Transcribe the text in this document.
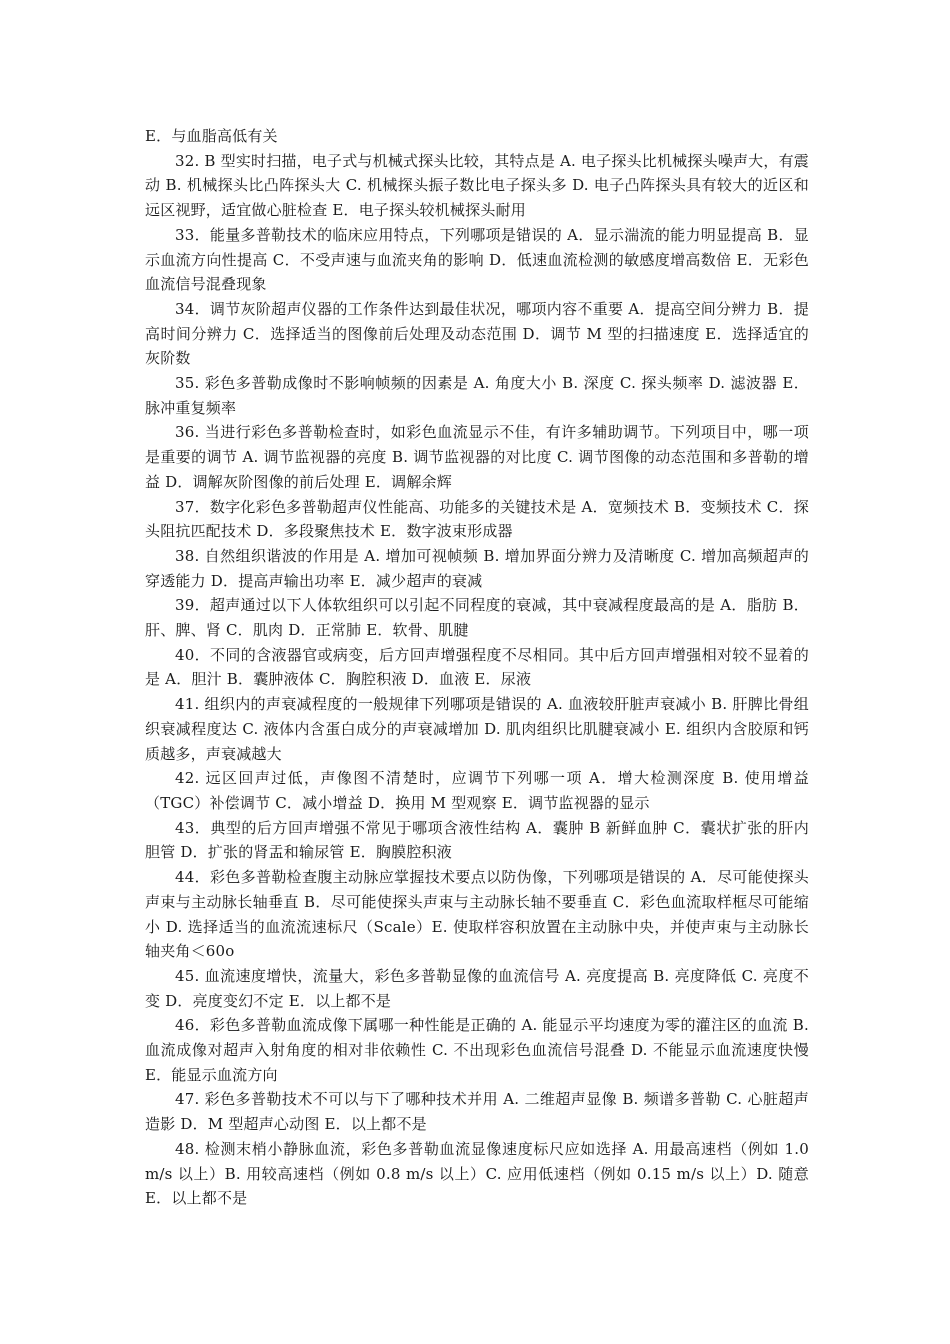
E．与血脂高低有关

32. B 型实时扫描，电子式与机械式探头比较，其特点是 A. 电子探头比机械探头噪声大，有震动 B. 机械探头比凸阵探头大 C. 机械探头振子数比电子探头多 D. 电子凸阵探头具有较大的近区和远区视野，适宜做心脏检查 E．电子探头较机械探头耐用

33．能量多普勒技术的临床应用特点，下列哪项是错误的 A．显示湍流的能力明显提高 B．显示血流方向性提高 C．不受声速与血流夹角的影响 D．低速血流检测的敏感度增高数倍 E．无彩色血流信号混叠现象

34．调节灰阶超声仪器的工作条件达到最佳状况，哪项内容不重要 A．提高空间分辨力 B．提高时间分辨力 C．选择适当的图像前后处理及动态范围 D．调节 M 型的扫描速度 E．选择适宜的灰阶数

35. 彩色多普勒成像时不影响帧频的因素是 A. 角度大小 B. 深度 C. 探头频率 D. 滤波器 E．脉冲重复频率

36. 当进行彩色多普勒检查时，如彩色血流显示不佳，有许多辅助调节。下列项目中，哪一项是重要的调节 A. 调节监视器的亮度 B. 调节监视器的对比度 C. 调节图像的动态范围和多普勒的增益 D．调解灰阶图像的前后处理 E．调解余辉

37．数字化彩色多普勒超声仪性能高、功能多的关键技术是 A．宽频技术 B．变频技术 C．探头阻抗匹配技术 D．多段聚焦技术 E．数字波束形成器

38. 自然组织谐波的作用是 A. 增加可视帧频 B. 增加界面分辨力及清晰度 C. 增加高频超声的穿透能力 D．提高声输出功率 E．减少超声的衰减

39．超声通过以下人体软组织可以引起不同程度的衰减，其中衰减程度最高的是 A．脂肪 B．肝、脾、肾 C．肌肉 D．正常肺 E．软骨、肌腱

40．不同的含液器官或病变，后方回声增强程度不尽相同。其中后方回声增强相对较不显着的是 A．胆汁 B．囊肿液体 C．胸腔积液 D．血液 E．尿液

41. 组织内的声衰减程度的一般规律下列哪项是错误的 A. 血液较肝脏声衰减小 B. 肝脾比骨组织衰减程度达 C. 液体内含蛋白成分的声衰减增加 D. 肌肉组织比肌腱衰减小 E. 组织内含胶原和钙质越多，声衰减越大

42. 远区回声过低，声像图不清楚时，应调节下列哪一项 A．增大检测深度 B. 使用增益（TGC）补偿调节 C．减小增益 D．换用 M 型观察 E．调节监视器的显示

43．典型的后方回声增强不常见于哪项含液性结构 A．囊肿 B 新鲜血肿 C．囊状扩张的肝内胆管 D．扩张的肾盂和输尿管 E．胸膜腔积液

44．彩色多普勒检查腹主动脉应掌握技术要点以防伪像，下列哪项是错误的 A．尽可能使探头声束与主动脉长轴垂直 B．尽可能使探头声束与主动脉长轴不要垂直 C．彩色血流取样框尽可能缩小 D. 选择适当的血流流速标尺（Scale）E. 使取样容积放置在主动脉中央，并使声束与主动脉长轴夹角＜60o

45. 血流速度增快，流量大，彩色多普勒显像的血流信号 A. 亮度提高 B. 亮度降低 C. 亮度不变 D．亮度变幻不定 E．以上都不是

46．彩色多普勒血流成像下属哪一种性能是正确的 A. 能显示平均速度为零的灌注区的血流 B. 血流成像对超声入射角度的相对非依赖性 C. 不出现彩色血流信号混叠 D. 不能显示血流速度快慢 E．能显示血流方向

47. 彩色多普勒技术不可以与下了哪种技术并用 A. 二维超声显像 B. 频谱多普勒 C. 心脏超声造影 D．M 型超声心动图 E．以上都不是

48. 检测末梢小静脉血流，彩色多普勒血流显像速度标尺应如选择 A. 用最高速档（例如 1.0 m/s 以上）B. 用较高速档（例如 0.8 m/s 以上）C. 应用低速档（例如 0.15 m/s 以上）D. 随意 E．以上都不是
